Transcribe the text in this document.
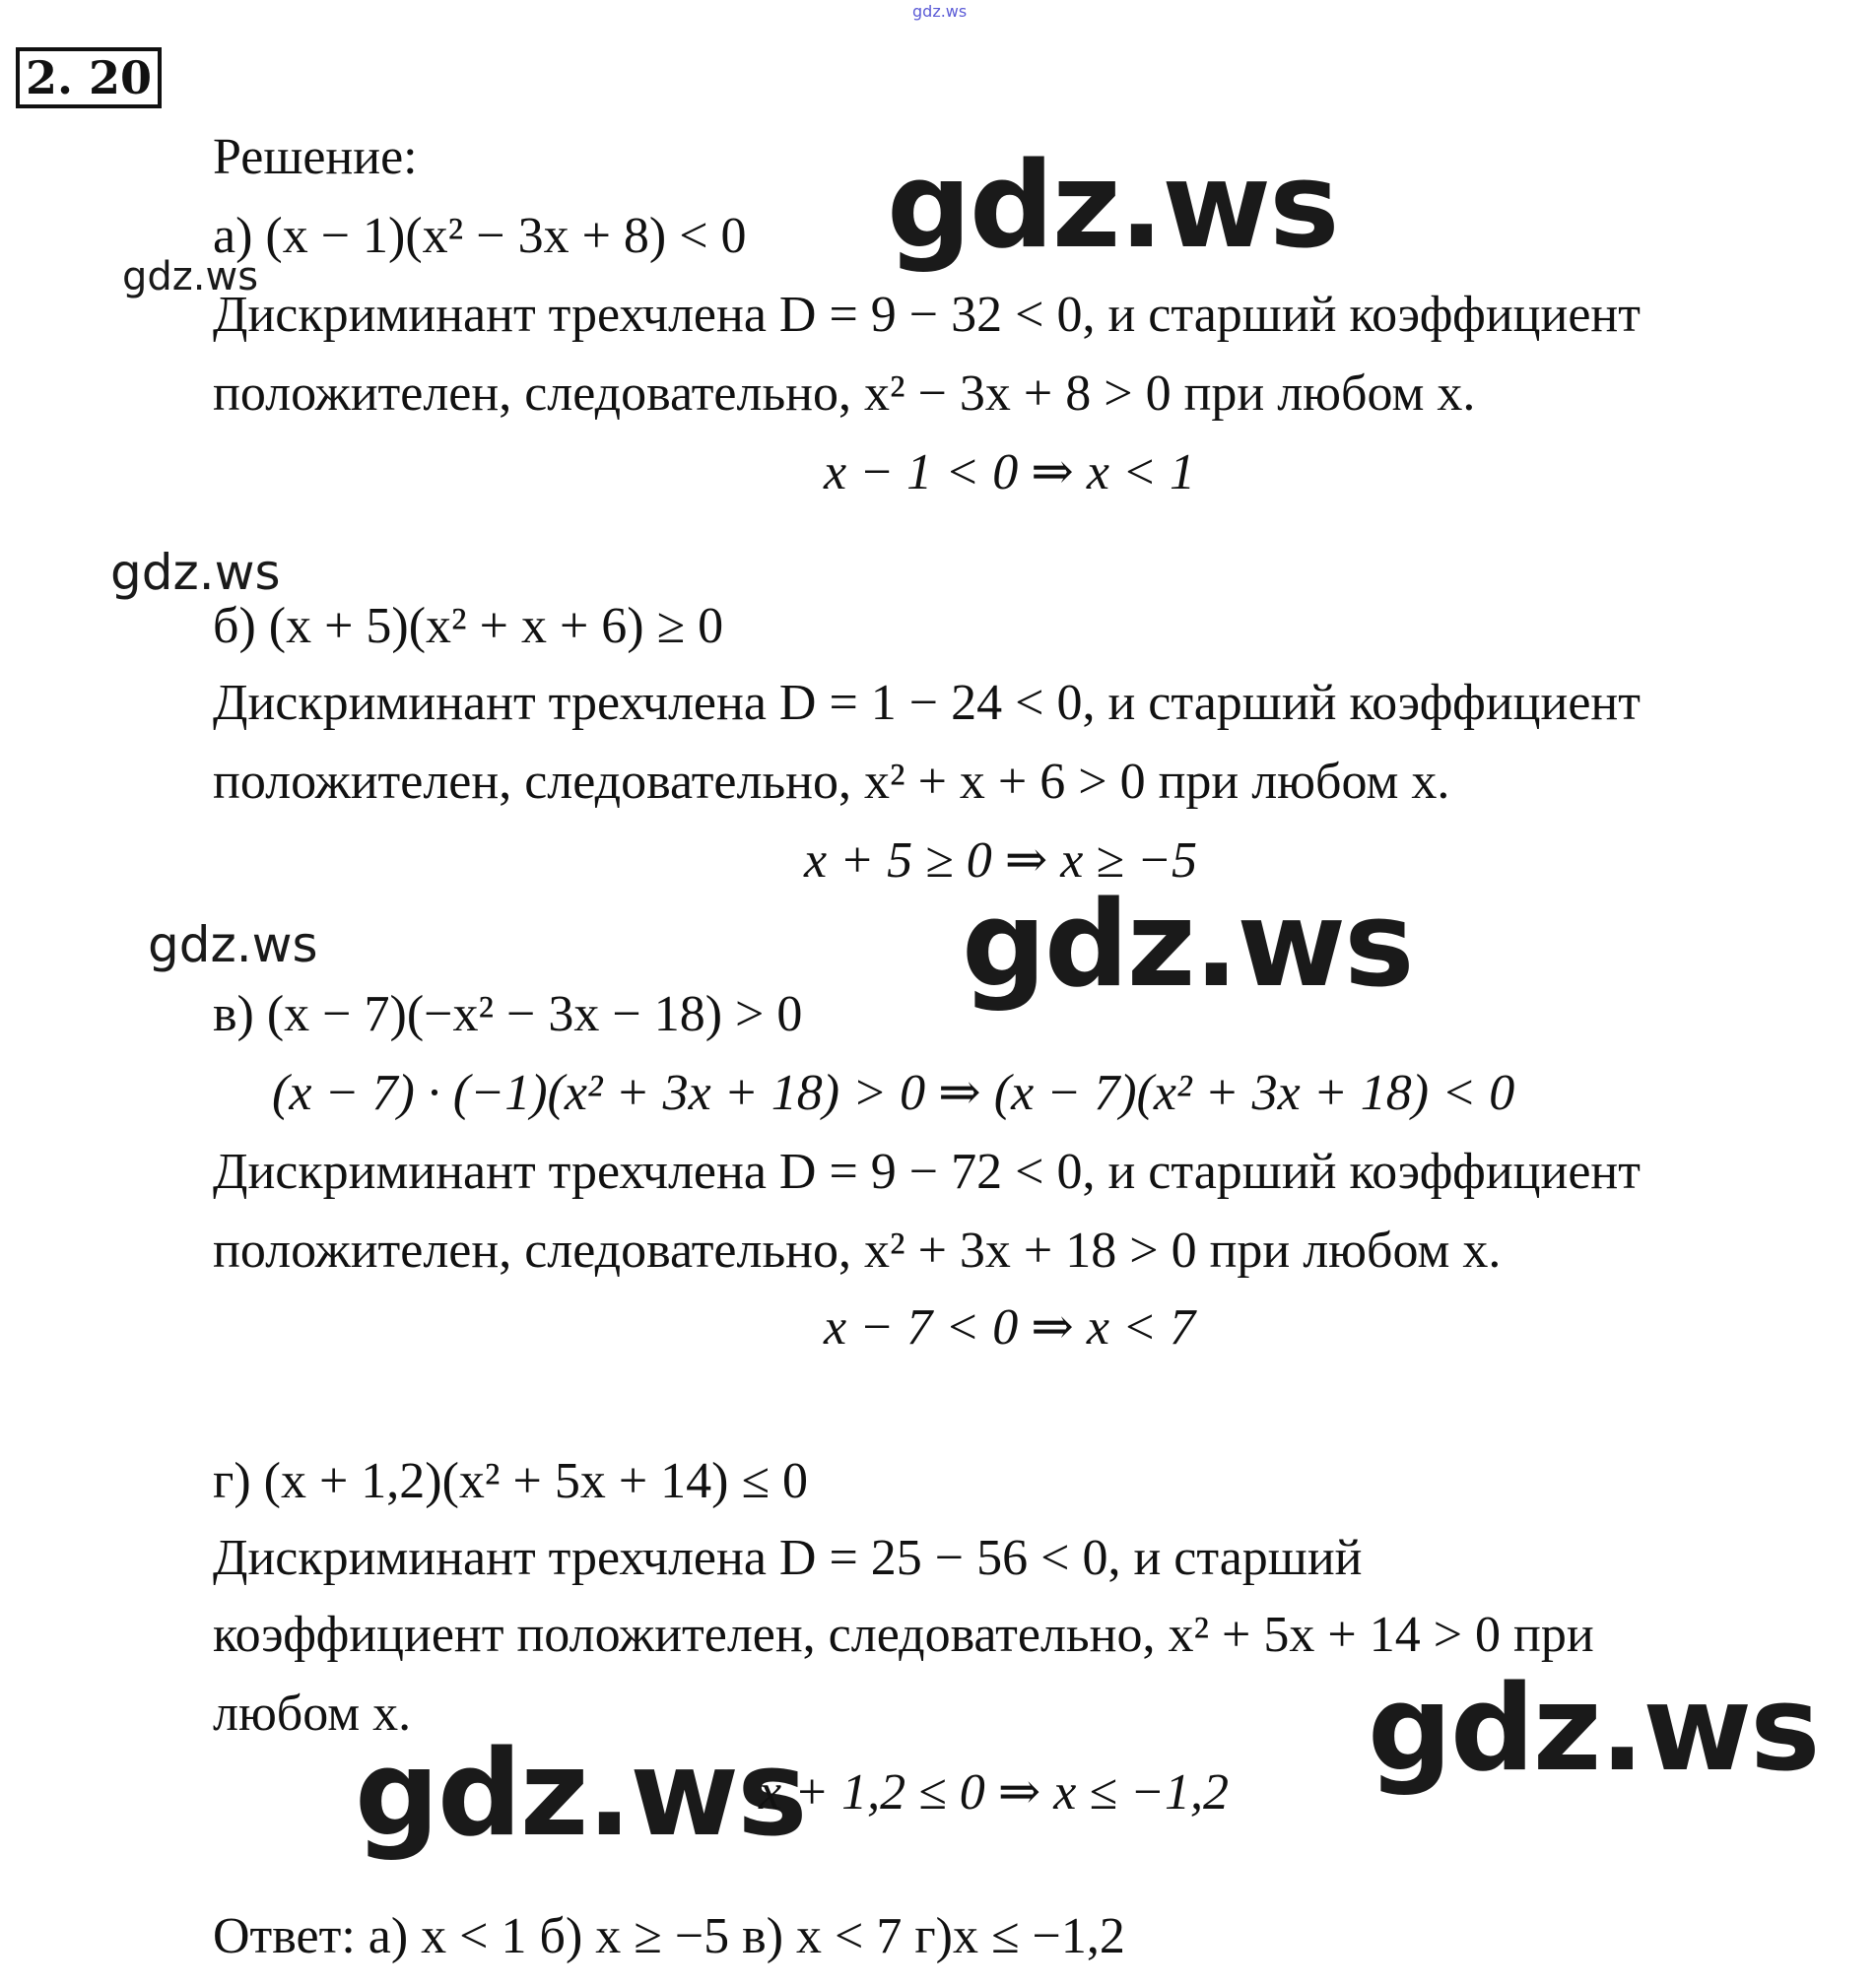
gdz.ws
2. 20
Решение:
а) (x − 1)(x² − 3x + 8) < 0 gdz.ws
gdz.ws
Дискриминант трехчлена D = 9 − 32 < 0, и старший коэффициент
положителен, следовательно, x² − 3x + 8 > 0 при любом x.
x − 1 < 0 ⇒ x < 1
gdz.ws
б) (x + 5)(x² + x + 6) ≥ 0
Дискриминант трехчлена D = 1 − 24 < 0, и старший коэффициент
положителен, следовательно, x² + x + 6 > 0 при любом x.
x + 5 ≥ 0 ⇒ x ≥ −5
gdz.ws	gdz.ws
в) (x − 7)(−x² − 3x − 18) > 0
(x − 7) · (−1)(x² + 3x + 18) > 0 ⇒ (x − 7)(x² + 3x + 18) < 0
Дискриминант трехчлена D = 9 − 72 < 0, и старший коэффициент
положителен, следовательно, x² + 3x + 18 > 0 при любом x.
x − 7 < 0 ⇒ x < 7
г) (x + 1,2)(x² + 5x + 14) ≤ 0
Дискриминант трехчлена D = 25 − 56 < 0, и старший
коэффициент положителен, следовательно, x² + 5x + 14 > 0 при
любом x.	gdz.ws
gdz.ws
x + 1,2 ≤ 0 ⇒ x ≤ −1,2
Ответ: а) x < 1 б) x ≥ −5 в) x < 7 г)x ≤ −1,2
